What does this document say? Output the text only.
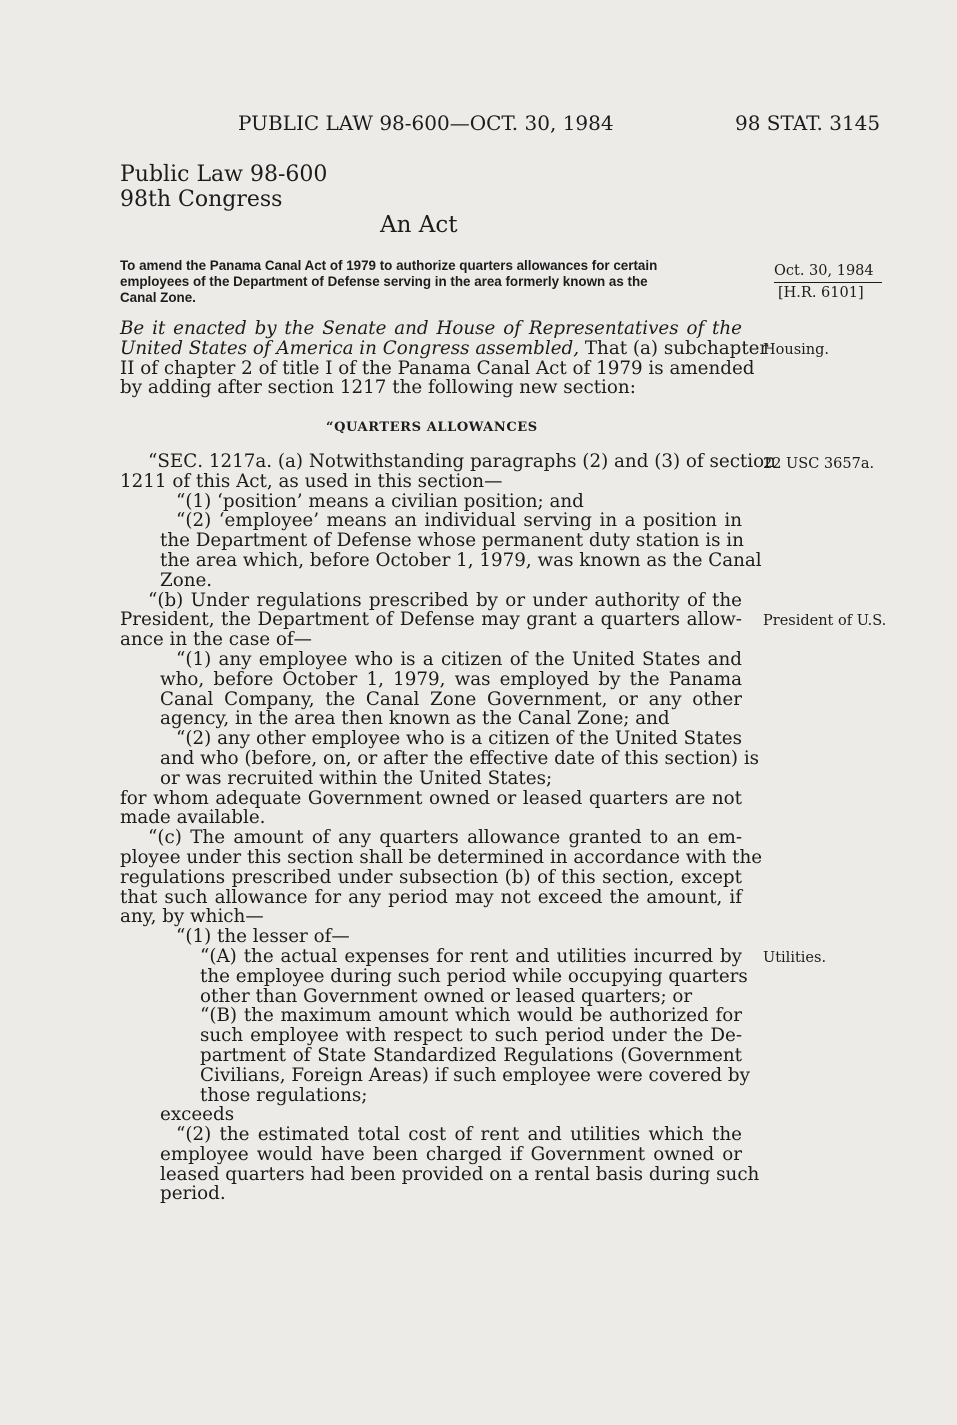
PUBLIC LAW 98-600—OCT. 30, 1984	98 STAT. 3145
Public Law 98-600
98th Congress
An Act
To amend the Panama Canal Act of 1979 to authorize quarters allowances for certain
employees of the Department of Defense serving in the area formerly known as the
Canal Zone.
Oct. 30, 1984
[H.R. 6101]
Housing.
22 USC 3657a.
President of U.S.
Utilities.
Be it enacted by the Senate and House of Representatives of the
United States of America in Congress assembled, That (a) subchapter
II of chapter 2 of title I of the Panama Canal Act of 1979 is amended
by adding after section 1217 the following new section:
“QUARTERS ALLOWANCES
“SEC. 1217a. (a) Notwithstanding paragraphs (2) and (3) of section
1211 of this Act, as used in this section—
“(1) ‘position’ means a civilian position; and
“(2) ‘employee’ means an individual serving in a position in
the Department of Defense whose permanent duty station is in
the area which, before October 1, 1979, was known as the Canal
Zone.
“(b) Under regulations prescribed by or under authority of the
President, the Department of Defense may grant a quarters allow-
ance in the case of—
“(1) any employee who is a citizen of the United States and
who, before October 1, 1979, was employed by the Panama
Canal Company, the Canal Zone Government, or any other
agency, in the area then known as the Canal Zone; and
“(2) any other employee who is a citizen of the United States
and who (before, on, or after the effective date of this section) is
or was recruited within the United States;
for whom adequate Government owned or leased quarters are not
made available.
“(c) The amount of any quarters allowance granted to an em-
ployee under this section shall be determined in accordance with the
regulations prescribed under subsection (b) of this section, except
that such allowance for any period may not exceed the amount, if
any, by which—
“(1) the lesser of—
“(A) the actual expenses for rent and utilities incurred by
the employee during such period while occupying quarters
other than Government owned or leased quarters; or
“(B) the maximum amount which would be authorized for
such employee with respect to such period under the De-
partment of State Standardized Regulations (Government
Civilians, Foreign Areas) if such employee were covered by
those regulations;
exceeds
“(2) the estimated total cost of rent and utilities which the
employee would have been charged if Government owned or
leased quarters had been provided on a rental basis during such
period.
